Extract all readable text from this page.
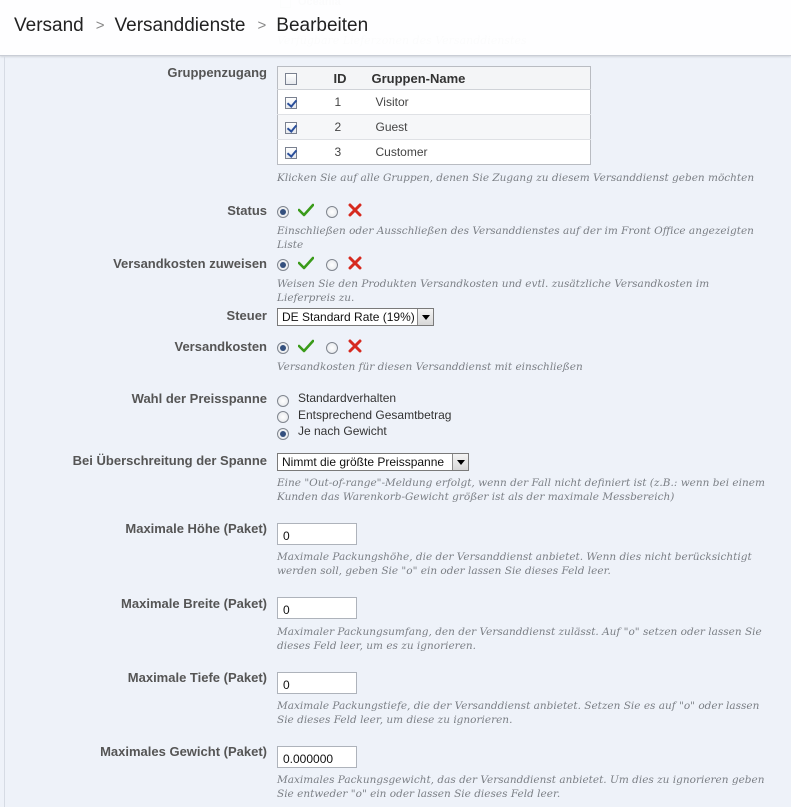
Versand > Versanddienste > Bearbeiten
	ID	Gruppen-Name
	1	Visitor
	2	Guest
	3	Customer
Klicken Sie auf alle Gruppen, denen Sie Zugang zu diesem Versanddienst geben möchten
Status
Einschließen oder Ausschließen des Versanddienstes auf der im Front Office angezeigten Liste
Versandkosten zuweisen
Weisen Sie den Produkten Versandkosten und evtl. zusätzliche Versandkosten im Lieferpreis zu.
Steuer	DE Standard Rate (19%)
Versandkosten
Versandkosten für diesen Versanddienst mit einschließen
Wahl der Preisspanne	Standardverhalten
Entsprechend Gesamtbetrag
Je nach Gewicht
Bei Überschreitung der Spanne	Nimmt die größte Preisspanne
Eine "Out-of-range"-Meldung erfolgt, wenn der Fall nicht definiert ist (z.B.: wenn bei einem Kunden das Warenkorb-Gewicht größer ist als der maximale Messbereich)
Maximale Höhe (Paket)
0
Maximale Packungshöhe, die der Versanddienst anbietet. Wenn dies nicht berücksichtigt werden soll, geben Sie "o" ein oder lassen Sie dieses Feld leer.
Maximale Breite (Paket)
0
Maximaler Packungsumfang, den der Versanddienst zulässt. Auf "o" setzen oder lassen Sie dieses Feld leer, um es zu ignorieren.
Maximale Tiefe (Paket)
0
Maximale Packungstiefe, die der Versanddienst anbietet. Setzen Sie es auf "o" oder lassen Sie dieses Feld leer, um diese zu ignorieren.
Maximales Gewicht (Paket)
0.000000
Maximales Packungsgewicht, das der Versanddienst anbietet. Um dies zu ignorieren geben Sie entweder "o" ein oder lassen Sie dieses Feld leer.
Gruppenzugang
